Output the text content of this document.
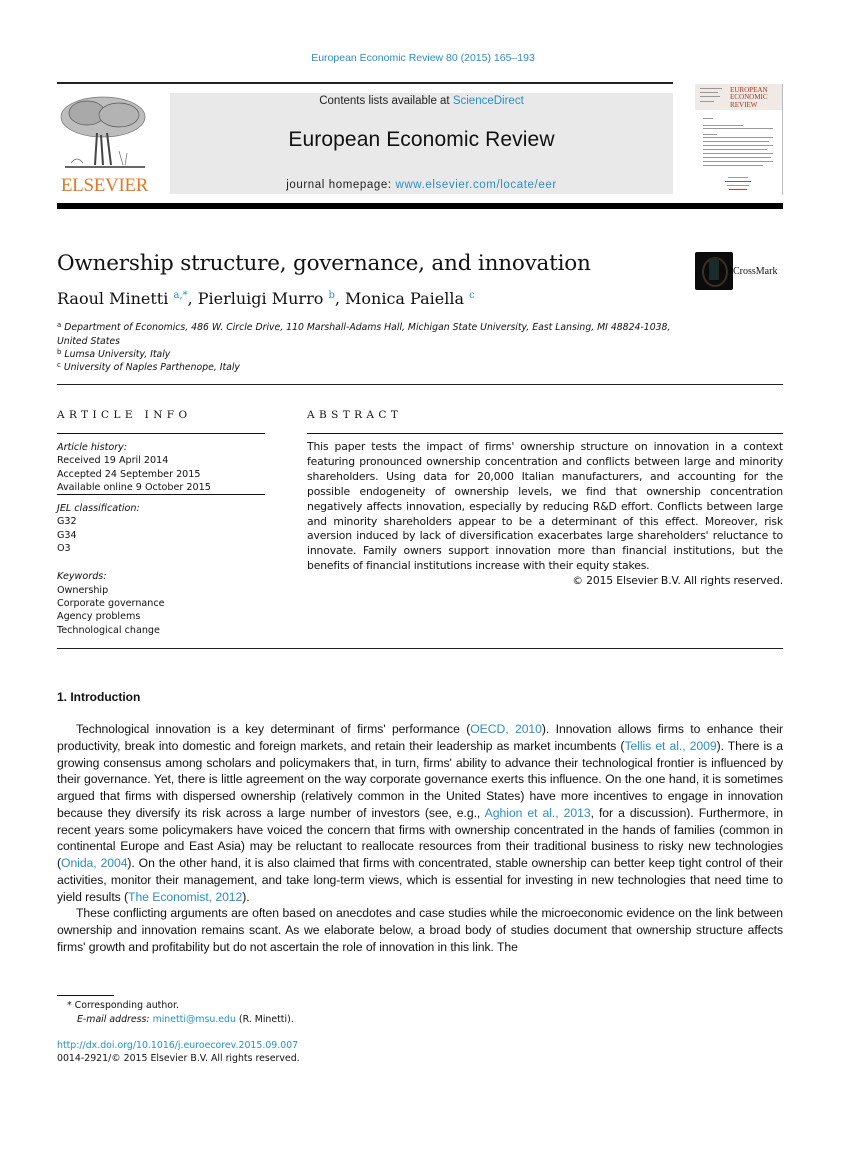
European Economic Review 80 (2015) 165–193
ELSEVIER
Contents lists available at ScienceDirect
European Economic Review
journal homepage: www.elsevier.com/locate/eer
EUROPEAN
ECONOMIC
REVIEW
Ownership structure, governance, and innovation	CrossMark
Raoul Minetti $^{a,*}$, Pierluigi Murro $^b$, Monica Paiella $^c$
$^a$ Department of Economics, 486 W. Circle Drive, 110 Marshall-Adams Hall, Michigan State University, East Lansing, MI 48824-1038, United States
$^b$ Lumsa University, Italy
$^c$ University of Naples Parthenope, Italy
ARTICLE INFO
Article history:
Received 19 April 2014
Accepted 24 September 2015
Available online 9 October 2015
JEL classification:
G32
G34
O3
Keywords:
Ownership
Corporate governance
Agency problems
Technological change
ABSTRACT
This paper tests the impact of firms' ownership structure on innovation in a context featuring pronounced ownership concentration and conflicts between large and minority shareholders. Using data for 20,000 Italian manufacturers, and accounting for the possible endogeneity of ownership levels, we find that ownership concentration negatively affects innovation, especially by reducing R&D effort. Conflicts between large and minority shareholders appear to be a determinant of this effect. Moreover, risk aversion induced by lack of diversification exacerbates large shareholders' reluctance to innovate. Family owners support innovation more than financial institutions, but the benefits of financial institutions increase with their equity stakes.
© 2015 Elsevier B.V. All rights reserved.
1. Introduction

Technological innovation is a key determinant of firms' performance (OECD, 2010). Innovation allows firms to enhance their productivity, break into domestic and foreign markets, and retain their leadership as market incumbents (Tellis et al., 2009). There is a growing consensus among scholars and policymakers that, in turn, firms' ability to advance their technological frontier is influenced by their governance. Yet, there is little agreement on the way corporate governance exerts this influence. On the one hand, it is sometimes argued that firms with dispersed ownership (relatively common in the United States) have more incentives to engage in innovation because they diversify its risk across a large number of investors (see, e.g., Aghion et al., 2013, for a discussion). Furthermore, in recent years some policymakers have voiced the concern that firms with ownership concentrated in the hands of families (common in continental Europe and East Asia) may be reluctant to reallocate resources from their traditional business to risky new technologies (Onida, 2004). On the other hand, it is also claimed that firms with concentrated, stable ownership can better keep tight control of their activities, monitor their management, and take long-term views, which is essential for investing in new technologies that need time to yield results (The Economist, 2012).

These conflicting arguments are often based on anecdotes and case studies while the microeconomic evidence on the link between ownership and innovation remains scant. As we elaborate below, a broad body of studies document that ownership structure affects firms' growth and profitability but do not ascertain the role of innovation in this link. The

* Corresponding author.
E-mail address: minetti@msu.edu (R. Minetti).
http://dx.doi.org/10.1016/j.euroecorev.2015.09.007
0014-2921/© 2015 Elsevier B.V. All rights reserved.
